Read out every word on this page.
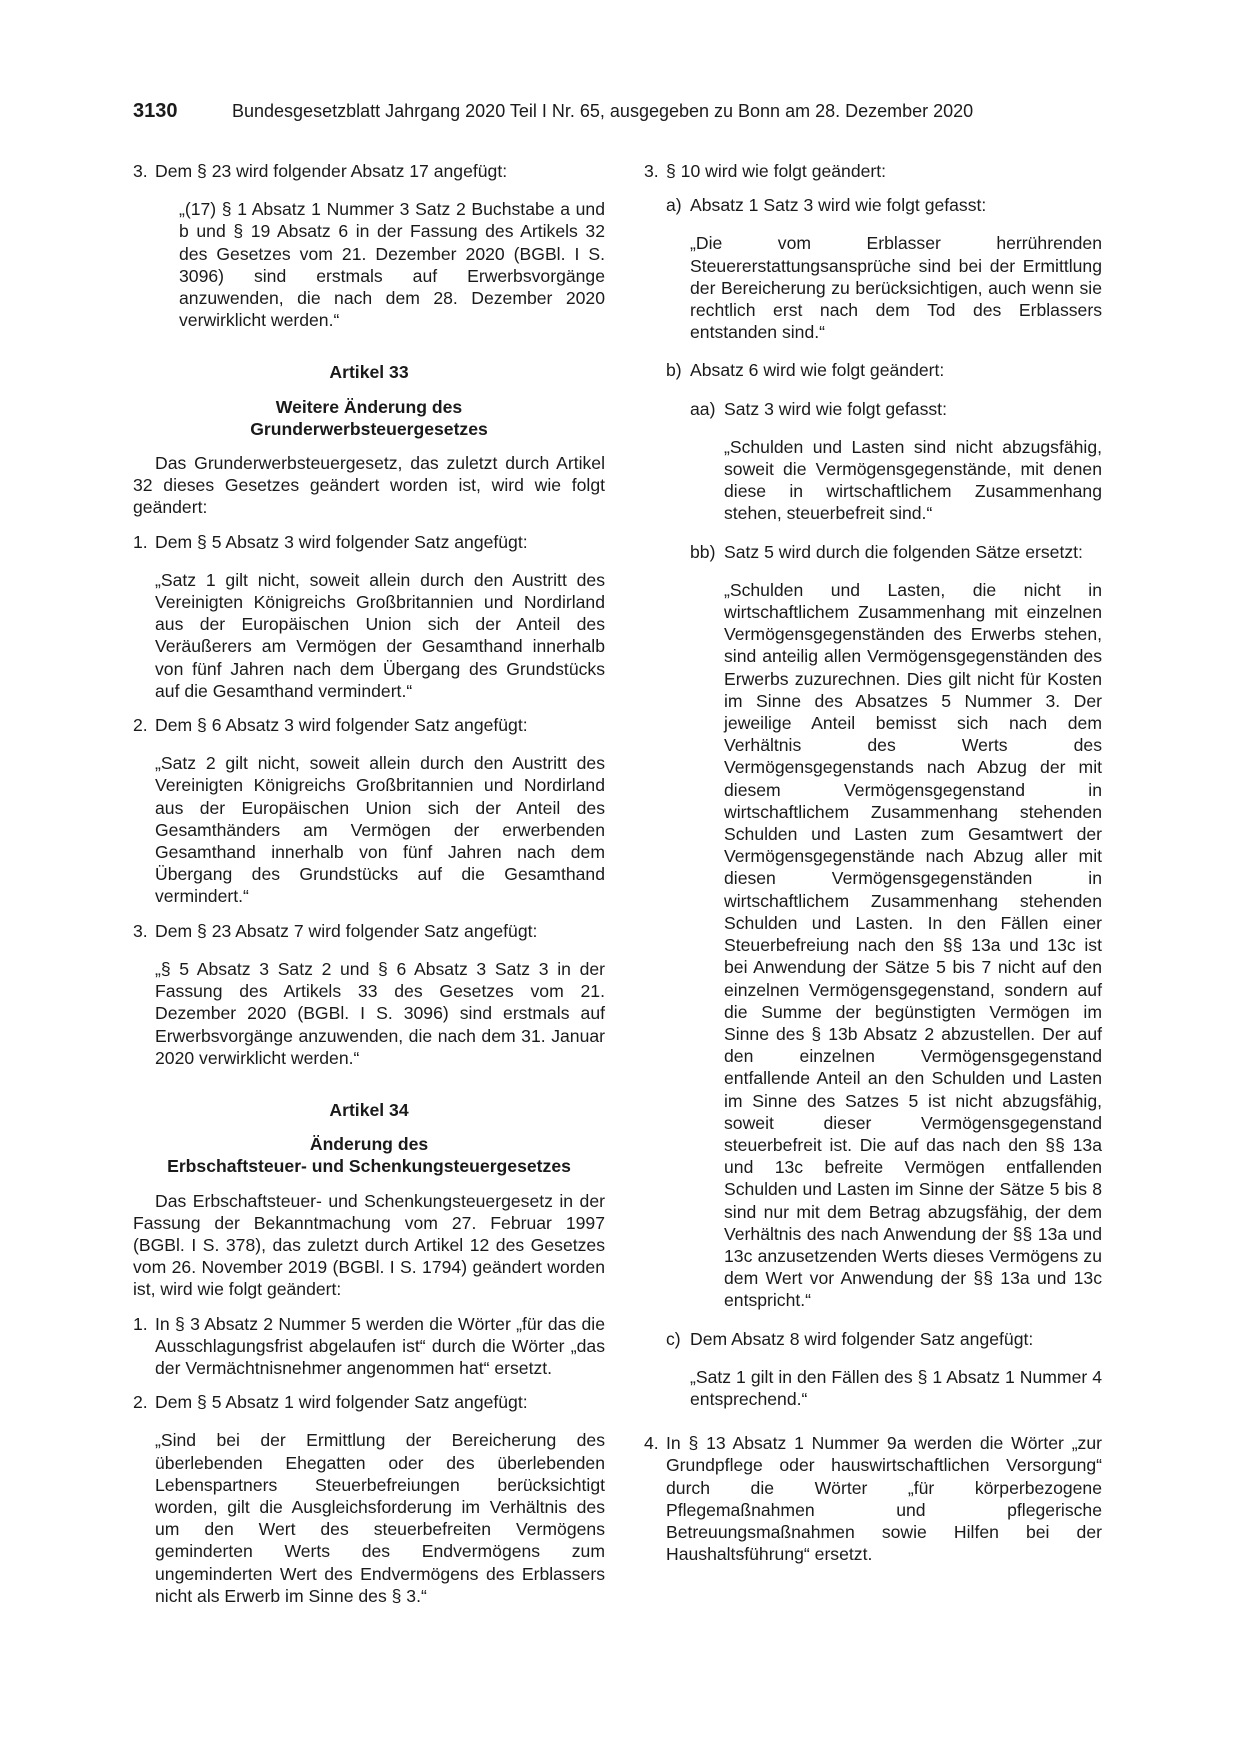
3130	Bundesgesetzblatt Jahrgang 2020 Teil I Nr. 65, ausgegeben zu Bonn am 28. Dezember 2020
3. Dem § 23 wird folgender Absatz 17 angefügt:

„(17) § 1 Absatz 1 Nummer 3 Satz 2 Buchstabe a und b und § 19 Absatz 6 in der Fassung des Artikels 32 des Gesetzes vom 21. Dezember 2020 (BGBl. I S. 3096) sind erstmals auf Erwerbsvorgänge anzuwenden, die nach dem 28. Dezember 2020 verwirklicht werden.“

Artikel 33

Weitere Änderung des

Grunderwerbsteuergesetzes

Das Grunderwerbsteuergesetz, das zuletzt durch Artikel 32 dieses Gesetzes geändert worden ist, wird wie folgt geändert:

1. Dem § 5 Absatz 3 wird folgender Satz angefügt:

„Satz 1 gilt nicht, soweit allein durch den Austritt des Vereinigten Königreichs Großbritannien und Nordirland aus der Europäischen Union sich der Anteil des Veräußerers am Vermögen der Gesamthand innerhalb von fünf Jahren nach dem Übergang des Grundstücks auf die Gesamthand vermindert.“

2. Dem § 6 Absatz 3 wird folgender Satz angefügt:

„Satz 2 gilt nicht, soweit allein durch den Austritt des Vereinigten Königreichs Großbritannien und Nordirland aus der Europäischen Union sich der Anteil des Gesamthänders am Vermögen der erwerbenden Gesamthand innerhalb von fünf Jahren nach dem Übergang des Grundstücks auf die Gesamthand vermindert.“

3. Dem § 23 Absatz 7 wird folgender Satz angefügt:

„§ 5 Absatz 3 Satz 2 und § 6 Absatz 3 Satz 3 in der Fassung des Artikels 33 des Gesetzes vom 21. Dezember 2020 (BGBl. I S. 3096) sind erstmals auf Erwerbsvorgänge anzuwenden, die nach dem 31. Januar 2020 verwirklicht werden.“

Artikel 34

Änderung des

Erbschaftsteuer- und Schenkungsteuergesetzes

Das Erbschaftsteuer- und Schenkungsteuergesetz in der Fassung der Bekanntmachung vom 27. Februar 1997 (BGBl. I S. 378), das zuletzt durch Artikel 12 des Gesetzes vom 26. November 2019 (BGBl. I S. 1794) geändert worden ist, wird wie folgt geändert:

1. In § 3 Absatz 2 Nummer 5 werden die Wörter „für das die Ausschlagungsfrist abgelaufen ist“ durch die Wörter „das der Vermächtnisnehmer angenommen hat“ ersetzt.
2. Dem § 5 Absatz 1 wird folgender Satz angefügt:

„Sind bei der Ermittlung der Bereicherung des überlebenden Ehegatten oder des überlebenden Lebenspartners Steuerbefreiungen berücksichtigt worden, gilt die Ausgleichsforderung im Verhältnis des um den Wert des steuerbefreiten Vermögens geminderten Werts des Endvermögens zum ungeminderten Wert des Endvermögens des Erblassers nicht als Erwerb im Sinne des § 3.“

3. § 10 wird wie folgt geändert:
a) Absatz 1 Satz 3 wird wie folgt gefasst:

„Die vom Erblasser herrührenden Steuererstattungsansprüche sind bei der Ermittlung der Bereicherung zu berücksichtigen, auch wenn sie rechtlich erst nach dem Tod des Erblassers entstanden sind.“

b) Absatz 6 wird wie folgt geändert:
aa) Satz 3 wird wie folgt gefasst:

„Schulden und Lasten sind nicht abzugsfähig, soweit die Vermögensgegenstände, mit denen diese in wirtschaftlichem Zusammenhang stehen, steuerbefreit sind.“

bb) Satz 5 wird durch die folgenden Sätze ersetzt:

„Schulden und Lasten, die nicht in wirtschaftlichem Zusammenhang mit einzelnen Vermögensgegenständen des Erwerbs stehen, sind anteilig allen Vermögensgegenständen des Erwerbs zuzurechnen. Dies gilt nicht für Kosten im Sinne des Absatzes 5 Nummer 3. Der jeweilige Anteil bemisst sich nach dem Verhältnis des Werts des Vermögensgegenstands nach Abzug der mit diesem Vermögensgegenstand in wirtschaftlichem Zusammenhang stehenden Schulden und Lasten zum Gesamtwert der Vermögensgegenstände nach Abzug aller mit diesen Vermögensgegenständen in wirtschaftlichem Zusammenhang stehenden Schulden und Lasten. In den Fällen einer Steuerbefreiung nach den §§ 13a und 13c ist bei Anwendung der Sätze 5 bis 7 nicht auf den einzelnen Vermögensgegenstand, sondern auf die Summe der begünstigten Vermögen im Sinne des § 13b Absatz 2 abzustellen. Der auf den einzelnen Vermögensgegenstand entfallende Anteil an den Schulden und Lasten im Sinne des Satzes 5 ist nicht abzugsfähig, soweit dieser Vermögensgegenstand steuerbefreit ist. Die auf das nach den §§ 13a und 13c befreite Vermögen entfallenden Schulden und Lasten im Sinne der Sätze 5 bis 8 sind nur mit dem Betrag abzugsfähig, der dem Verhältnis des nach Anwendung der §§ 13a und 13c anzusetzenden Werts dieses Vermögens zu dem Wert vor Anwendung der §§ 13a und 13c entspricht.“

c) Dem Absatz 8 wird folgender Satz angefügt:

„Satz 1 gilt in den Fällen des § 1 Absatz 1 Nummer 4 entsprechend.“

4. In § 13 Absatz 1 Nummer 9a werden die Wörter „zur Grundpflege oder hauswirtschaftlichen Versorgung“ durch die Wörter „für körperbezogene Pflegemaßnahmen und pflegerische Betreuungsmaßnahmen sowie Hilfen bei der Haushaltsführung“ ersetzt.
